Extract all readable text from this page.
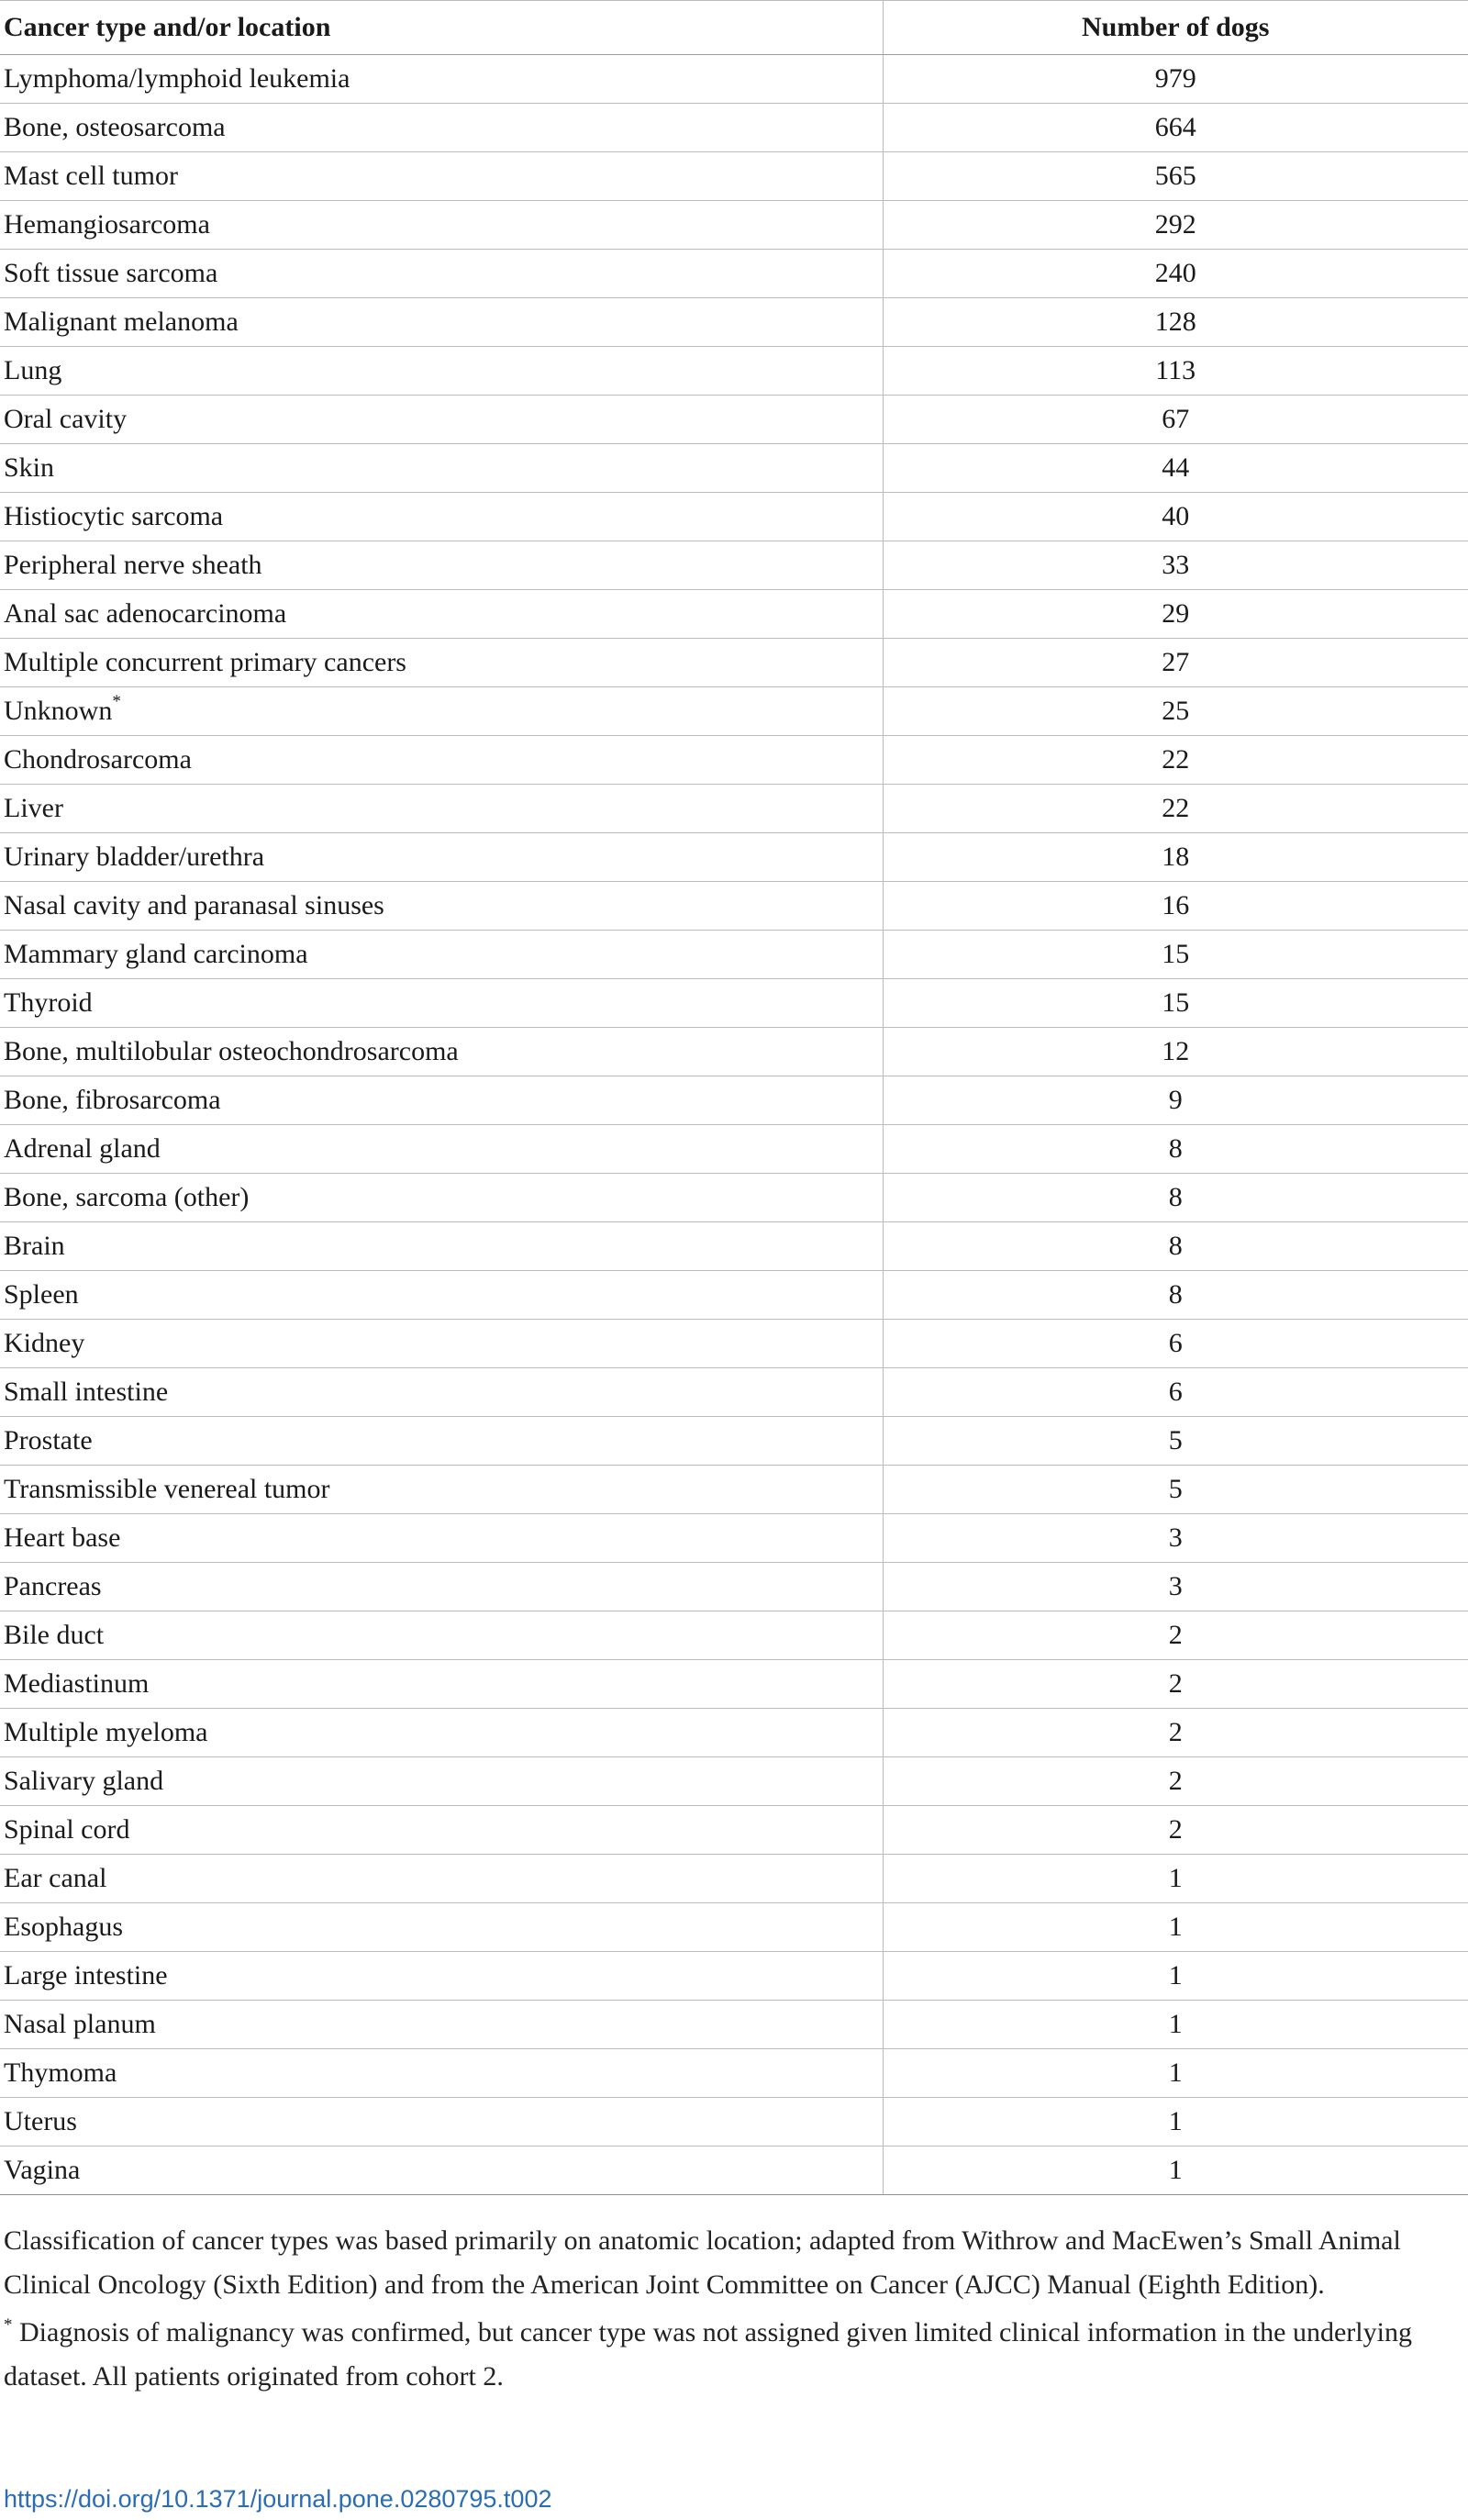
Cancer type and/or location	Number of dogs
Lymphoma/lymphoid leukemia	979
Bone, osteosarcoma	664
Mast cell tumor	565
Hemangiosarcoma	292
Soft tissue sarcoma	240
Malignant melanoma	128
Lung	113
Oral cavity	67
Skin	44
Histiocytic sarcoma	40
Peripheral nerve sheath	33
Anal sac adenocarcinoma	29
Multiple concurrent primary cancers	27
Unknown*	25
Chondrosarcoma	22
Liver	22
Urinary bladder/urethra	18
Nasal cavity and paranasal sinuses	16
Mammary gland carcinoma	15
Thyroid	15
Bone, multilobular osteochondrosarcoma	12
Bone, fibrosarcoma	9
Adrenal gland	8
Bone, sarcoma (other)	8
Brain	8
Spleen	8
Kidney	6
Small intestine	6
Prostate	5
Transmissible venereal tumor	5
Heart base	3
Pancreas	3
Bile duct	2
Mediastinum	2
Multiple myeloma	2
Salivary gland	2
Spinal cord	2
Ear canal	1
Esophagus	1
Large intestine	1
Nasal planum	1
Thymoma	1
Uterus	1
Vagina	1

Classification of cancer types was based primarily on anatomic location; adapted from Withrow and MacEwen’s Small Animal Clinical Oncology (Sixth Edition) and from the American Joint Committee on Cancer (AJCC) Manual (Eighth Edition).

* Diagnosis of malignancy was confirmed, but cancer type was not assigned given limited clinical information in the underlying dataset. All patients originated from cohort 2.

https://doi.org/10.1371/journal.pone.0280795.t002
